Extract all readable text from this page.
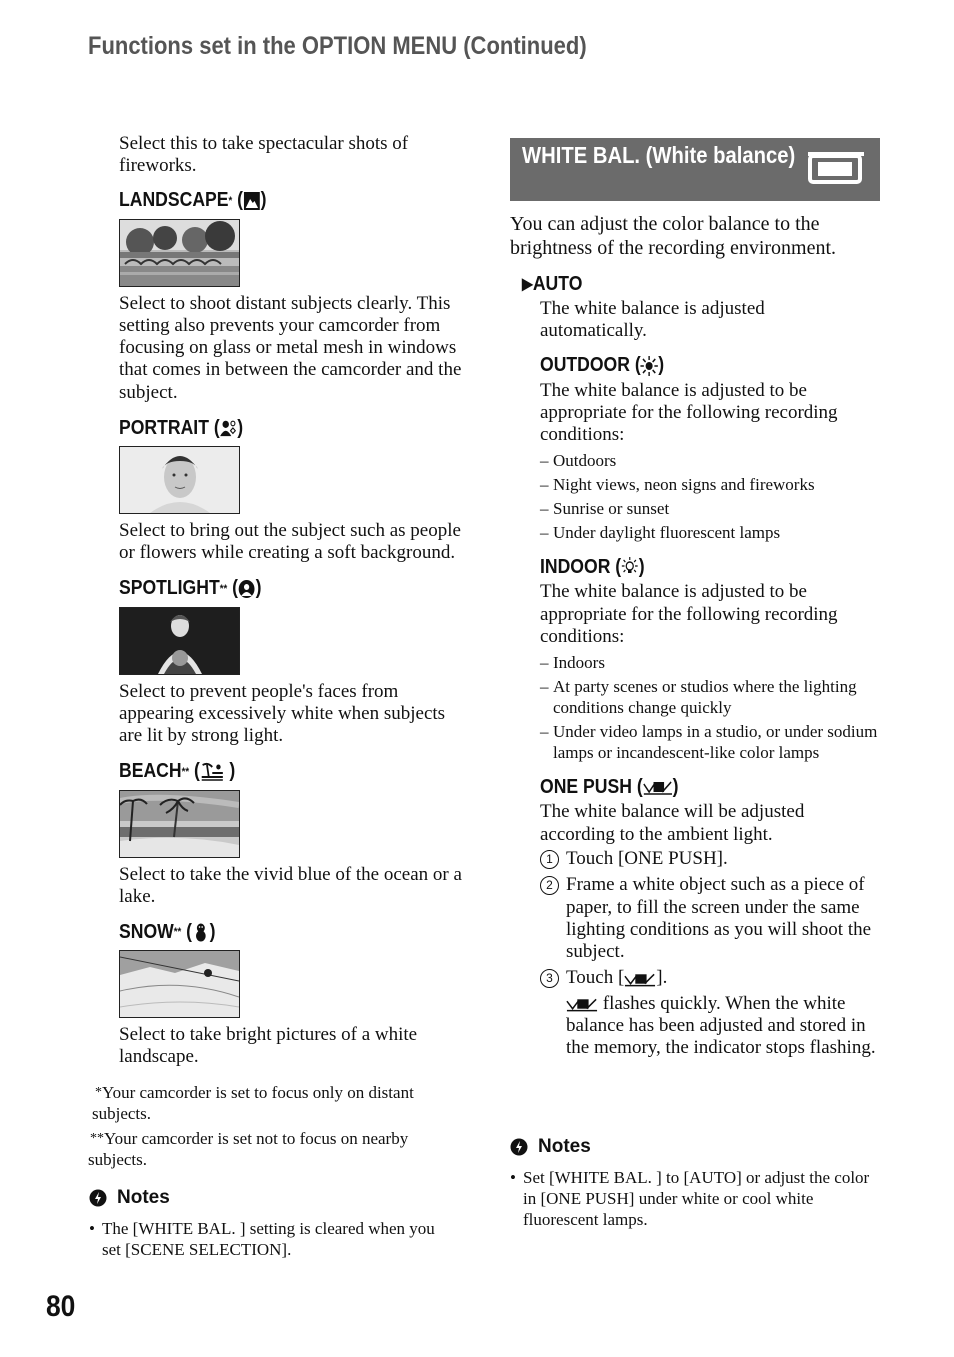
Functions set in the OPTION MENU (Continued)

Select this to take spectacular shots of fireworks.

LANDSCAPE * (
)

Select to shoot distant subjects clearly. This setting also prevents your camcorder from focusing on glass or metal mesh in windows that comes in between the camcorder and the subject.

PORTRAIT (
)

Select to bring out the subject such as people or flowers while creating a soft background.

SPOTLIGHT ** (
)

Select to prevent people's faces from appearing excessively white when subjects are lit by strong light.

BEACH ** (
)

Select to take the vivid blue of the ocean or a lake.

SNOW ** (
)

Select to take bright pictures of a white landscape.

*Your camcorder is set to focus only on distant subjects.
**Your camcorder is set not to focus on nearby subjects.
Notes
• The [WHITE BAL. ] setting is cleared when you set [SCENE SELECTION].
WHITE BAL. (White balance)

You can adjust the color balance to the brightness of the recording environment.

▶ AUTO

The white balance is adjusted automatically.

OUTDOOR (
)

The white balance is adjusted to be appropriate for the following recording conditions:

– Outdoors
– Night views, neon signs and fireworks
– Sunrise or sunset
– Under daylight fluorescent lamps
INDOOR (
)

The white balance is adjusted to be appropriate for the following recording conditions:

– Indoors
– At party scenes or studios where the lighting conditions change quickly
– Under video lamps in a studio, or under sodium lamps or incandescent-like color lamps
ONE PUSH (
)

The white balance will be adjusted according to the ambient light.

1 Touch [ONE PUSH].
2 Frame a white object such as a piece of paper, to fill the screen under the same lighting conditions as you will shoot the subject.
3 Touch [ ].

flashes quickly. When the white balance has been adjusted and stored in the memory, the indicator stops flashing.

Notes
• Set [WHITE BAL. ] to [AUTO] or adjust the color in [ONE PUSH] under white or cool white fluorescent lamps.
80
